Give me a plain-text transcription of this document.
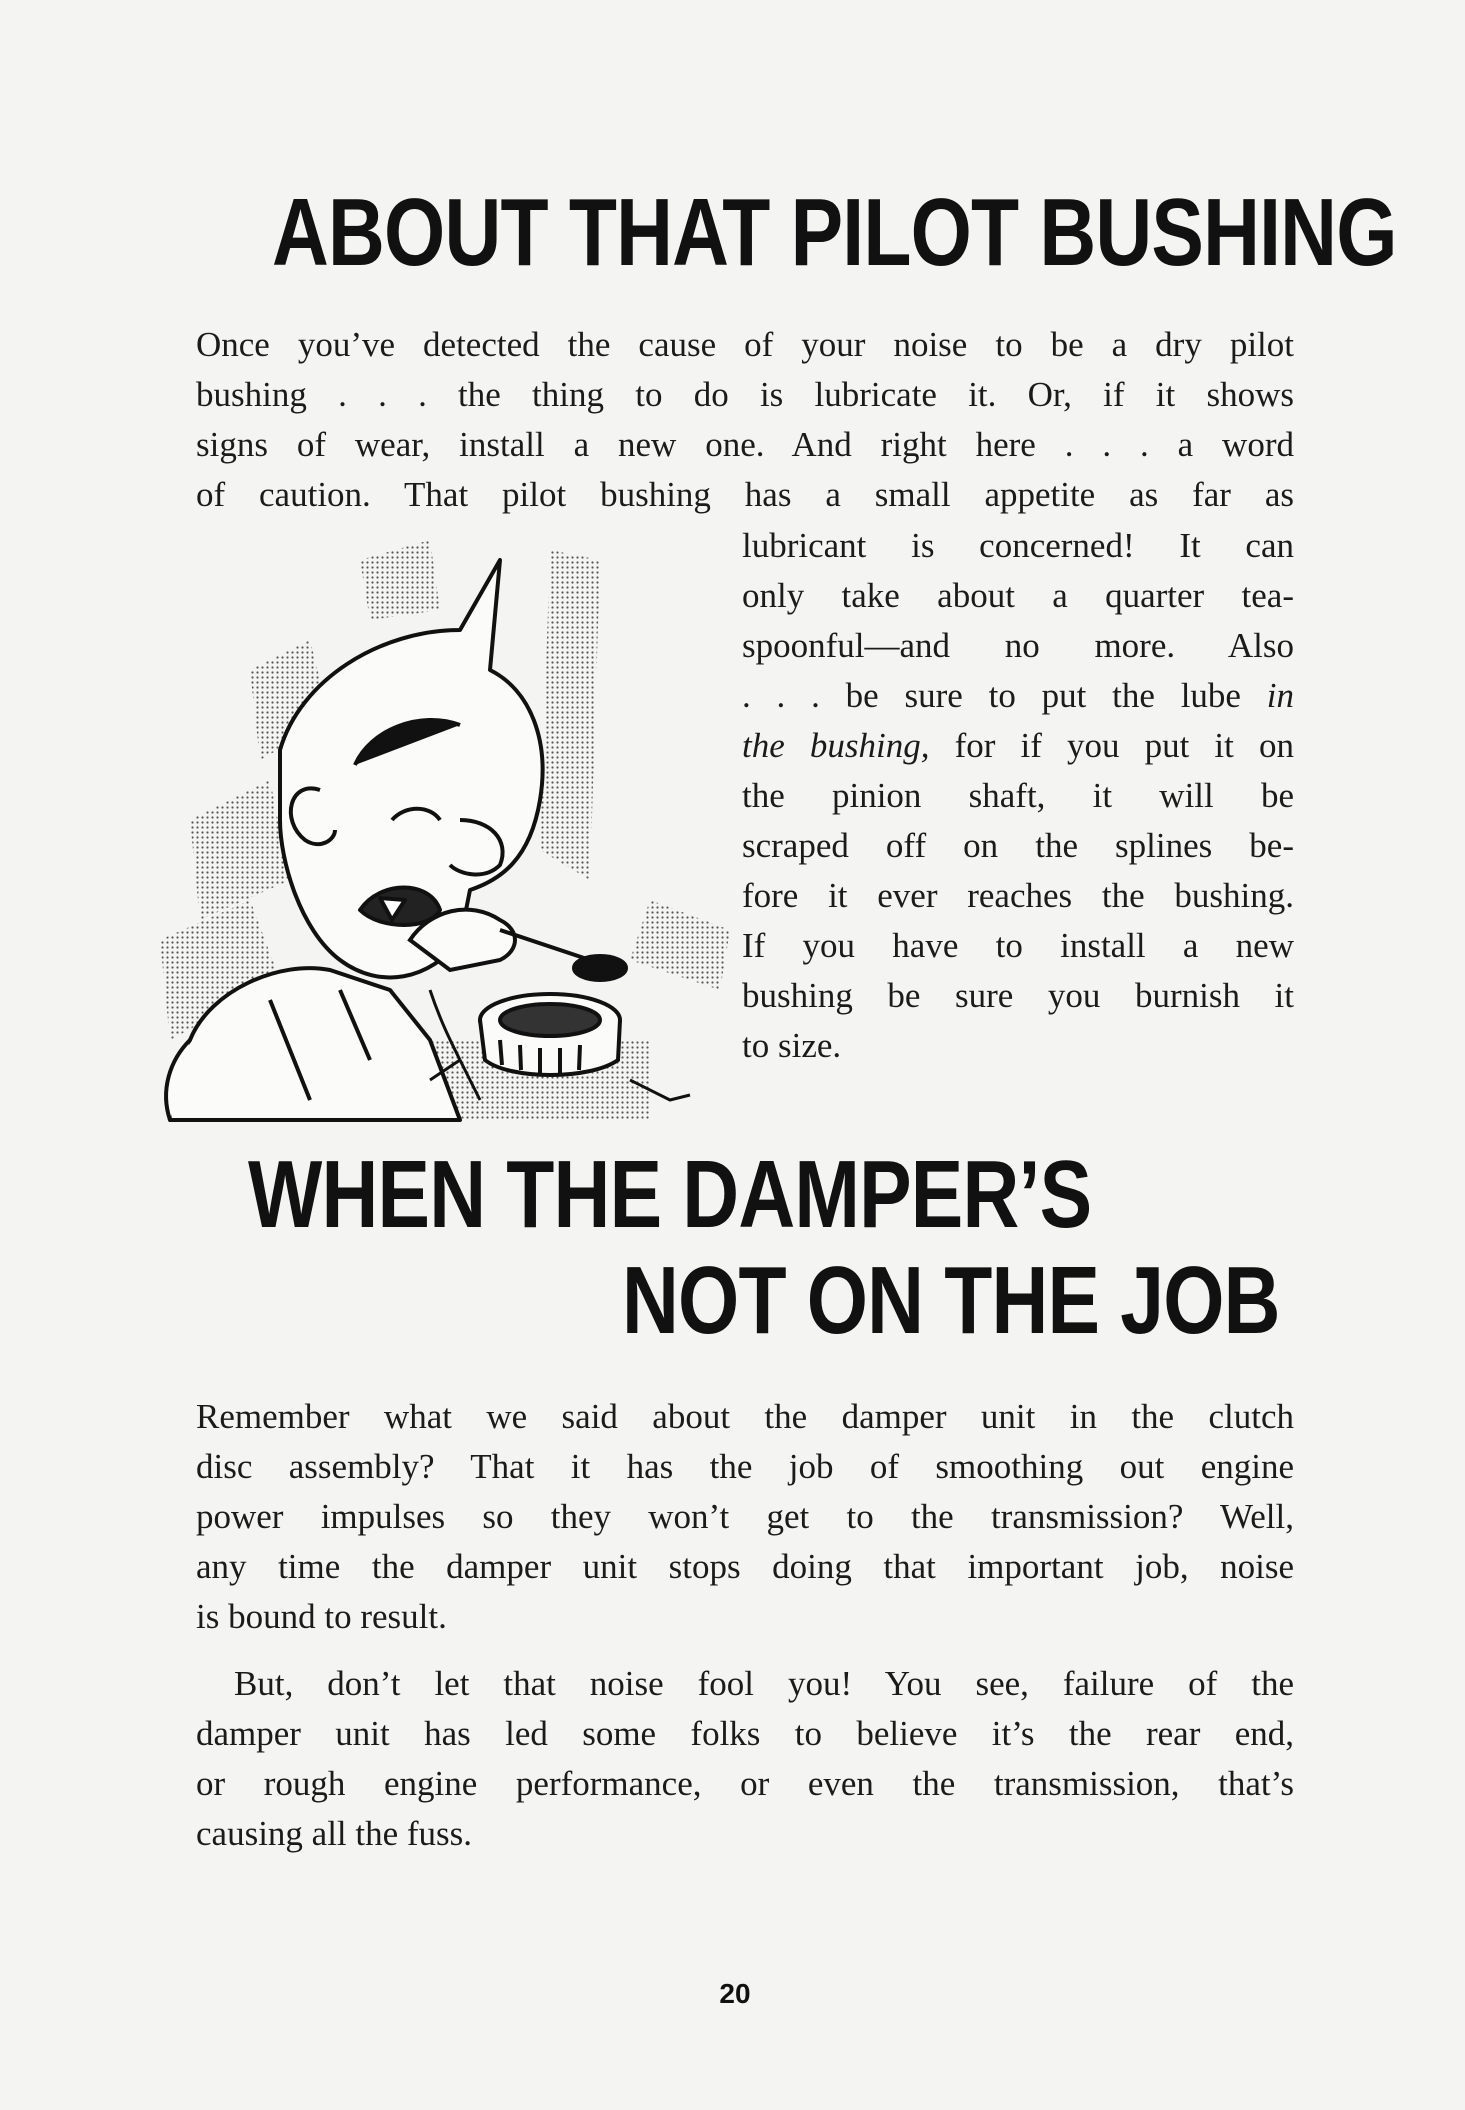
ABOUT THAT PILOT BUSHING

Once you’ve detected the cause of your noise to be a dry pilot
bushing . . . the thing to do is lubricate it. Or, if it shows
signs of wear, install a new one. And right here . . . a word
of caution. That pilot bushing has a small appetite as far as

lubricant is concerned! It can
only take about a quarter tea-
spoonful—and no more. Also
. . . be sure to put the lube in
the bushing, for if you put it on
the pinion shaft, it will be
scraped off on the splines be-
fore it ever reaches the bushing.
If you have to install a new
bushing be sure you burnish it
to size.

WHEN THE DAMPER’S
NOT ON THE JOB

Remember what we said about the damper unit in the clutch
disc assembly? That it has the job of smoothing out engine
power impulses so they won’t get to the transmission? Well,
any time the damper unit stops doing that important job, noise
is bound to result.

But, don’t let that noise fool you! You see, failure of the
damper unit has led some folks to believe it’s the rear end,
or rough engine performance, or even the transmission, that’s
causing all the fuss.

20
